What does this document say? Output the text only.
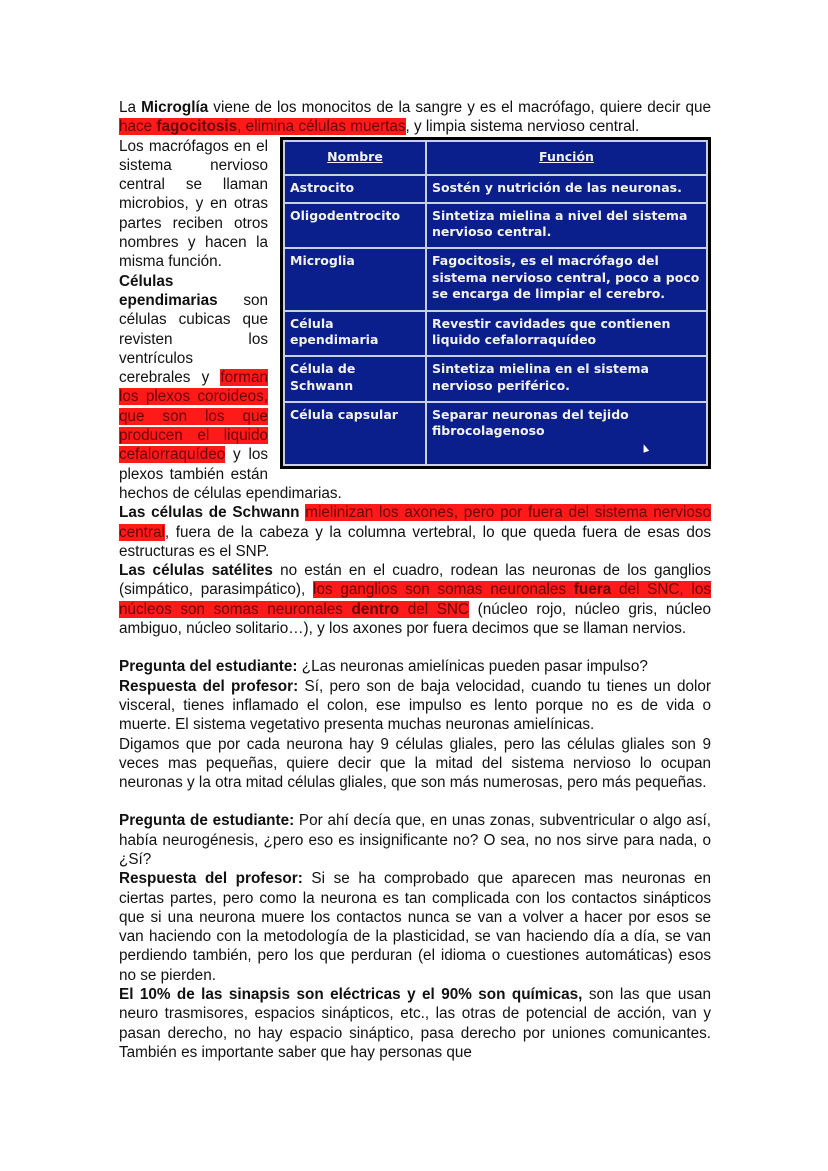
La Microglía viene de los monocitos de la sangre y es el macrófago, quiere decir que hace fagocitosis, elimina células muertas, y limpia sistema nervioso central.

Nombre	Función
Astrocito	Sostén y nutrición de las neuronas.
Oligodentrocito	Sintetiza mielina a nivel del sistema nervioso central.
Microglia	Fagocitosis, es el macrófago del sistema nervioso central, poco a poco se encarga de limpiar el cerebro.
Célula ependimaria	Revestir cavidades que contienen liquido cefalorraquídeo
Célula de Schwann	Sintetiza mielina en el sistema nervioso periférico.
Célula capsular	Separar neuronas del tejido fibrocolagenoso

Los macrófagos en el sistema nervioso central se llaman microbios, y en otras partes reciben otros nombres y hacen la misma función.

Células ependimarias son células cubicas que revisten los ventrículos cerebrales y forman los plexos coroideos, que son los que producen el liquido cefalorraquídeo y los plexos también están hechos de células ependimarias.

Las células de Schwann mielinizan los axones, pero por fuera del sistema nervioso central, fuera de la cabeza y la columna vertebral, lo que queda fuera de esas dos estructuras es el SNP.

Las células satélites no están en el cuadro, rodean las neuronas de los ganglios (simpático, parasimpático), los ganglios son somas neuronales fuera del SNC, los núcleos son somas neuronales dentro del SNC (núcleo rojo, núcleo gris, núcleo ambiguo, núcleo solitario…), y los axones por fuera decimos que se llaman nervios.

Pregunta del estudiante: ¿Las neuronas amielínicas pueden pasar impulso?

Respuesta del profesor: Sí, pero son de baja velocidad, cuando tu tienes un dolor visceral, tienes inflamado el colon, ese impulso es lento porque no es de vida o muerte. El sistema vegetativo presenta muchas neuronas amielínicas.

Digamos que por cada neurona hay 9 células gliales, pero las células gliales son 9 veces mas pequeñas, quiere decir que la mitad del sistema nervioso lo ocupan neuronas y la otra mitad células gliales, que son más numerosas, pero más pequeñas.

Pregunta de estudiante: Por ahí decía que, en unas zonas, subventricular o algo así, había neurogénesis, ¿pero eso es insignificante no? O sea, no nos sirve para nada, o ¿Sí?

Respuesta del profesor: Si se ha comprobado que aparecen mas neuronas en ciertas partes, pero como la neurona es tan complicada con los contactos sinápticos que si una neurona muere los contactos nunca se van a volver a hacer por esos se van haciendo con la metodología de la plasticidad, se van haciendo día a día, se van perdiendo también, pero los que perduran (el idioma o cuestiones automáticas) esos no se pierden.

El 10% de las sinapsis son eléctricas y el 90% son químicas, son las que usan neuro trasmisores, espacios sinápticos, etc., las otras de potencial de acción, van y pasan derecho, no hay espacio sináptico, pasa derecho por uniones comunicantes. También es importante saber que hay personas que
